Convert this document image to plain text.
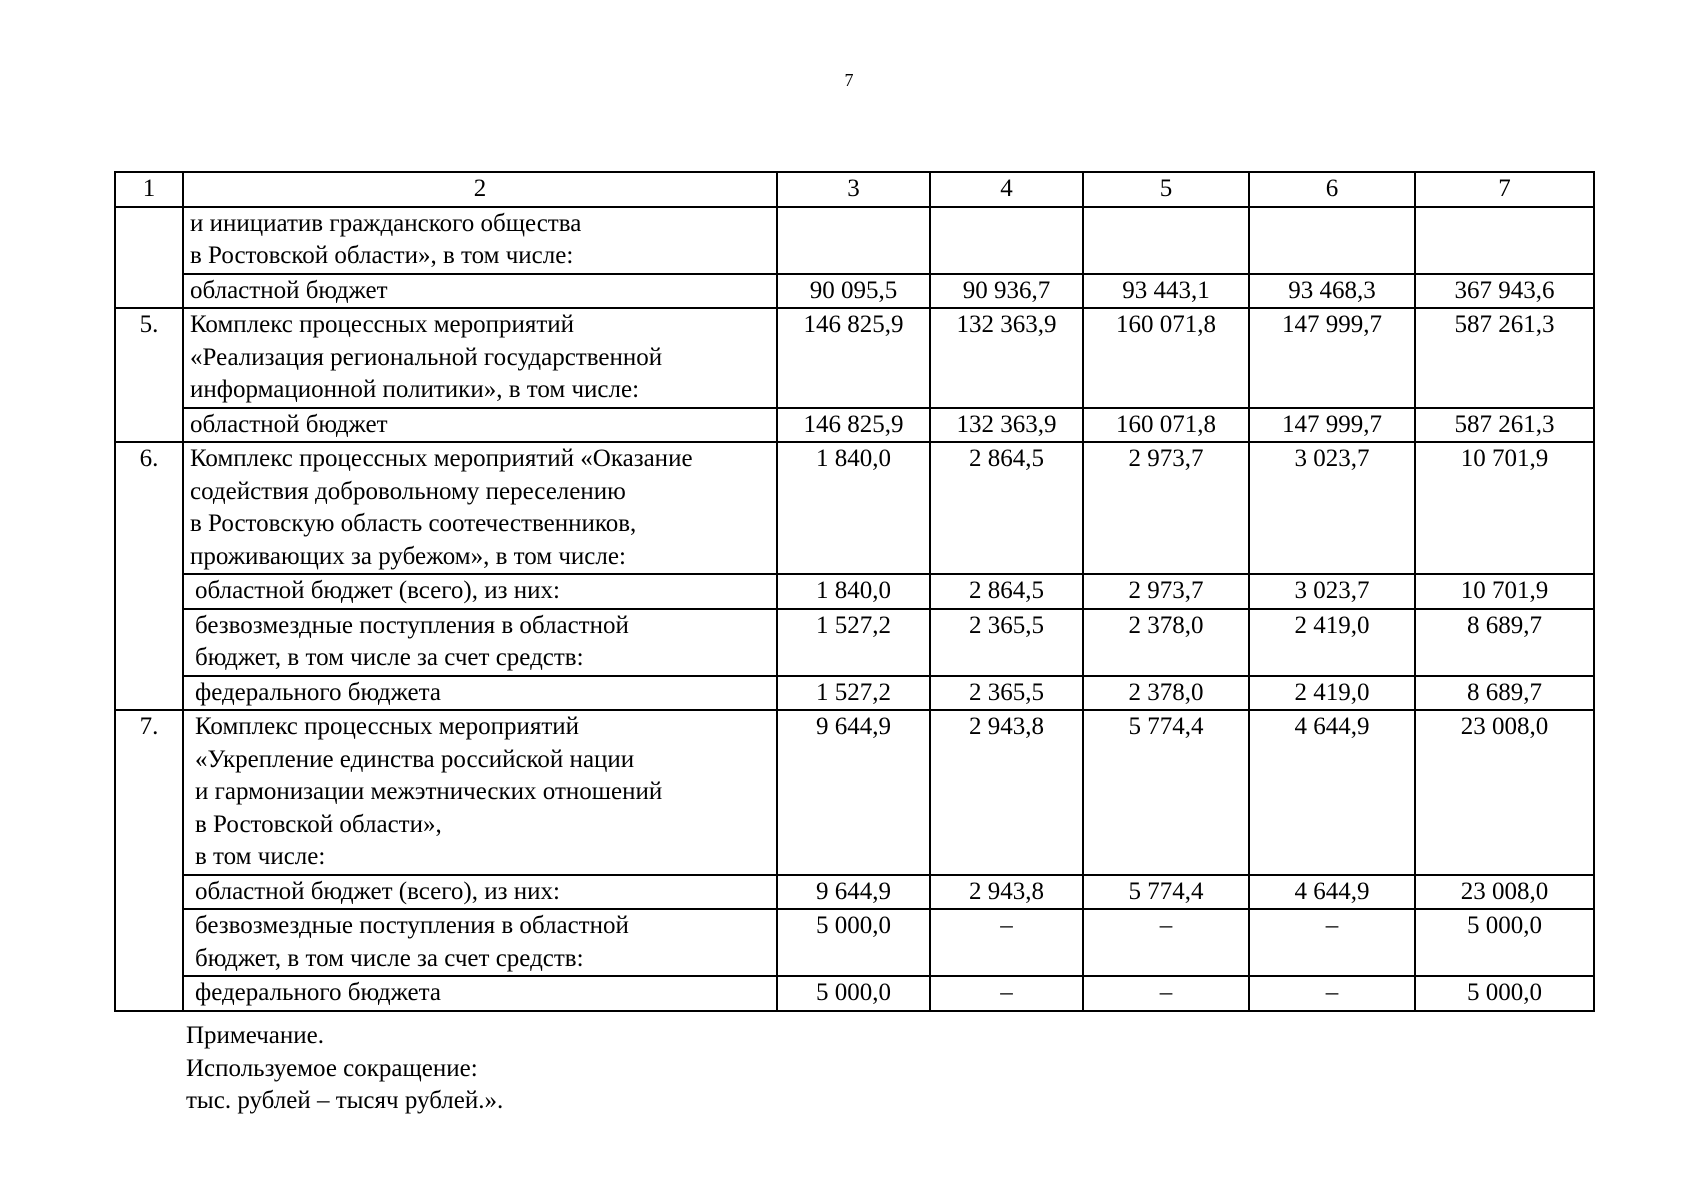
7
1	2	3	4	5	6	7
	и инициатив гражданского общества
в Ростовской области», в том числе:					
	областной бюджет	90 095,5	90 936,7	93 443,1	93 468,3	367 943,6
5.	Комплекс процессных мероприятий
«Реализация региональной государственной
информационной политики», в том числе:	146 825,9	132 363,9	160 071,8	147 999,7	587 261,3
	областной бюджет	146 825,9	132 363,9	160 071,8	147 999,7	587 261,3
6.	Комплекс процессных мероприятий «Оказание
содействия добровольному переселению
в Ростовскую область соотечественников,
проживающих за рубежом», в том числе:	1 840,0	2 864,5	2 973,7	3 023,7	10 701,9
	областной бюджет (всего), из них:	1 840,0	2 864,5	2 973,7	3 023,7	10 701,9
	безвозмездные поступления в областной
бюджет, в том числе за счет средств:	1 527,2	2 365,5	2 378,0	2 419,0	8 689,7
	федерального бюджета	1 527,2	2 365,5	2 378,0	2 419,0	8 689,7
7.	Комплекс процессных мероприятий
«Укрепление единства российской нации
и гармонизации межэтнических отношений
в Ростовской области»,
в том числе:	9 644,9	2 943,8	5 774,4	4 644,9	23 008,0
	областной бюджет (всего), из них:	9 644,9	2 943,8	5 774,4	4 644,9	23 008,0
	безвозмездные поступления в областной
бюджет, в том числе за счет средств:	5 000,0	–	–	–	5 000,0
	федерального бюджета	5 000,0	–	–	–	5 000,0
Примечание.
Используемое сокращение:
тыс. рублей – тысяч рублей.».
